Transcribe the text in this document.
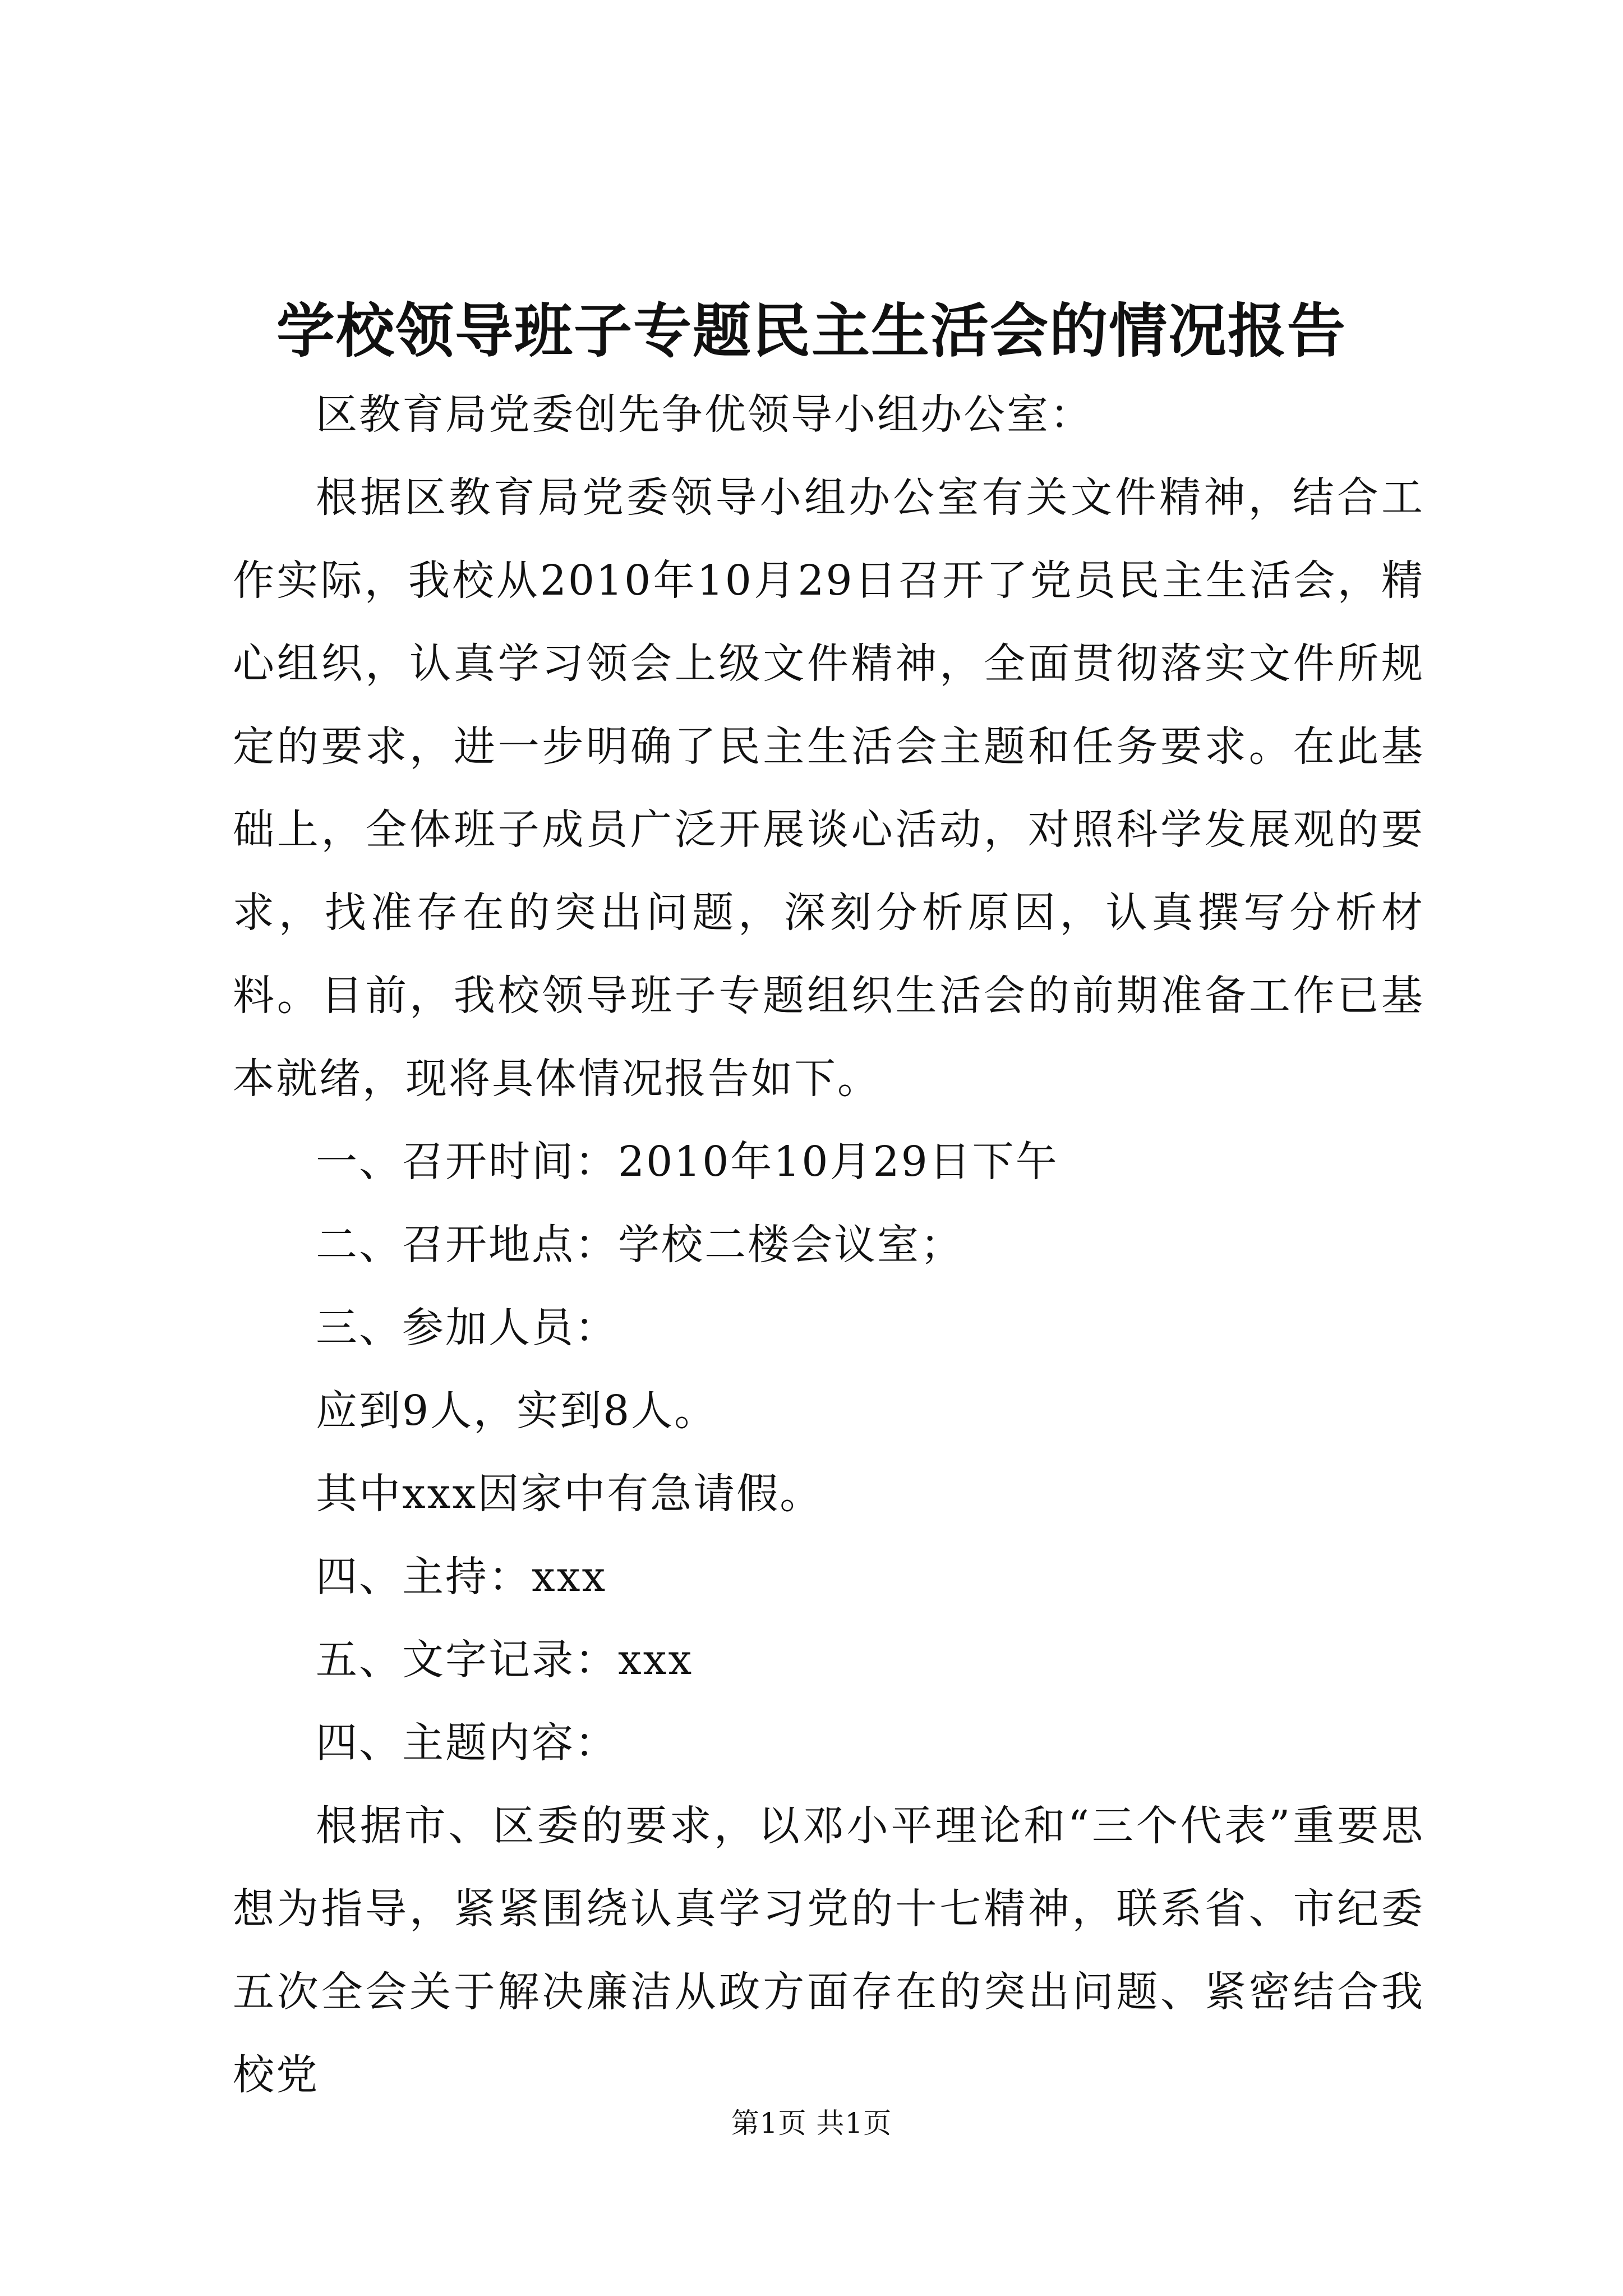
学校领导班子专题民主生活会的情况报告

区教育局党委创先争优领导小组办公室：

根据区教育局党委领导小组办公室有关文件精神，结合工作实际，我校从2010年10月29日召开了党员民主生活会，精心组织，认真学习领会上级文件精神，全面贯彻落实文件所规定的要求，进一步明确了民主生活会主题和任务要求。在此基础上，全体班子成员广泛开展谈心活动，对照科学发展观的要求，找准存在的突出问题，深刻分析原因，认真撰写分析材料。目前，我校领导班子专题组织生活会的前期准备工作已基本就绪，现将具体情况报告如下。

一、召开时间：2010年10月29日下午

二、召开地点：学校二楼会议室；

三、参加人员：

应到9人，实到8人。

其中xxx因家中有急请假。

四、主持：xxx

五、文字记录：xxx

四、主题内容：

根据市、区委的要求，以邓小平理论和“三个代表”重要思想为指导，紧紧围绕认真学习党的十七精神，联系省、市纪委五次全会关于解决廉洁从政方面存在的突出问题、紧密结合我校党

第1页 共1页
